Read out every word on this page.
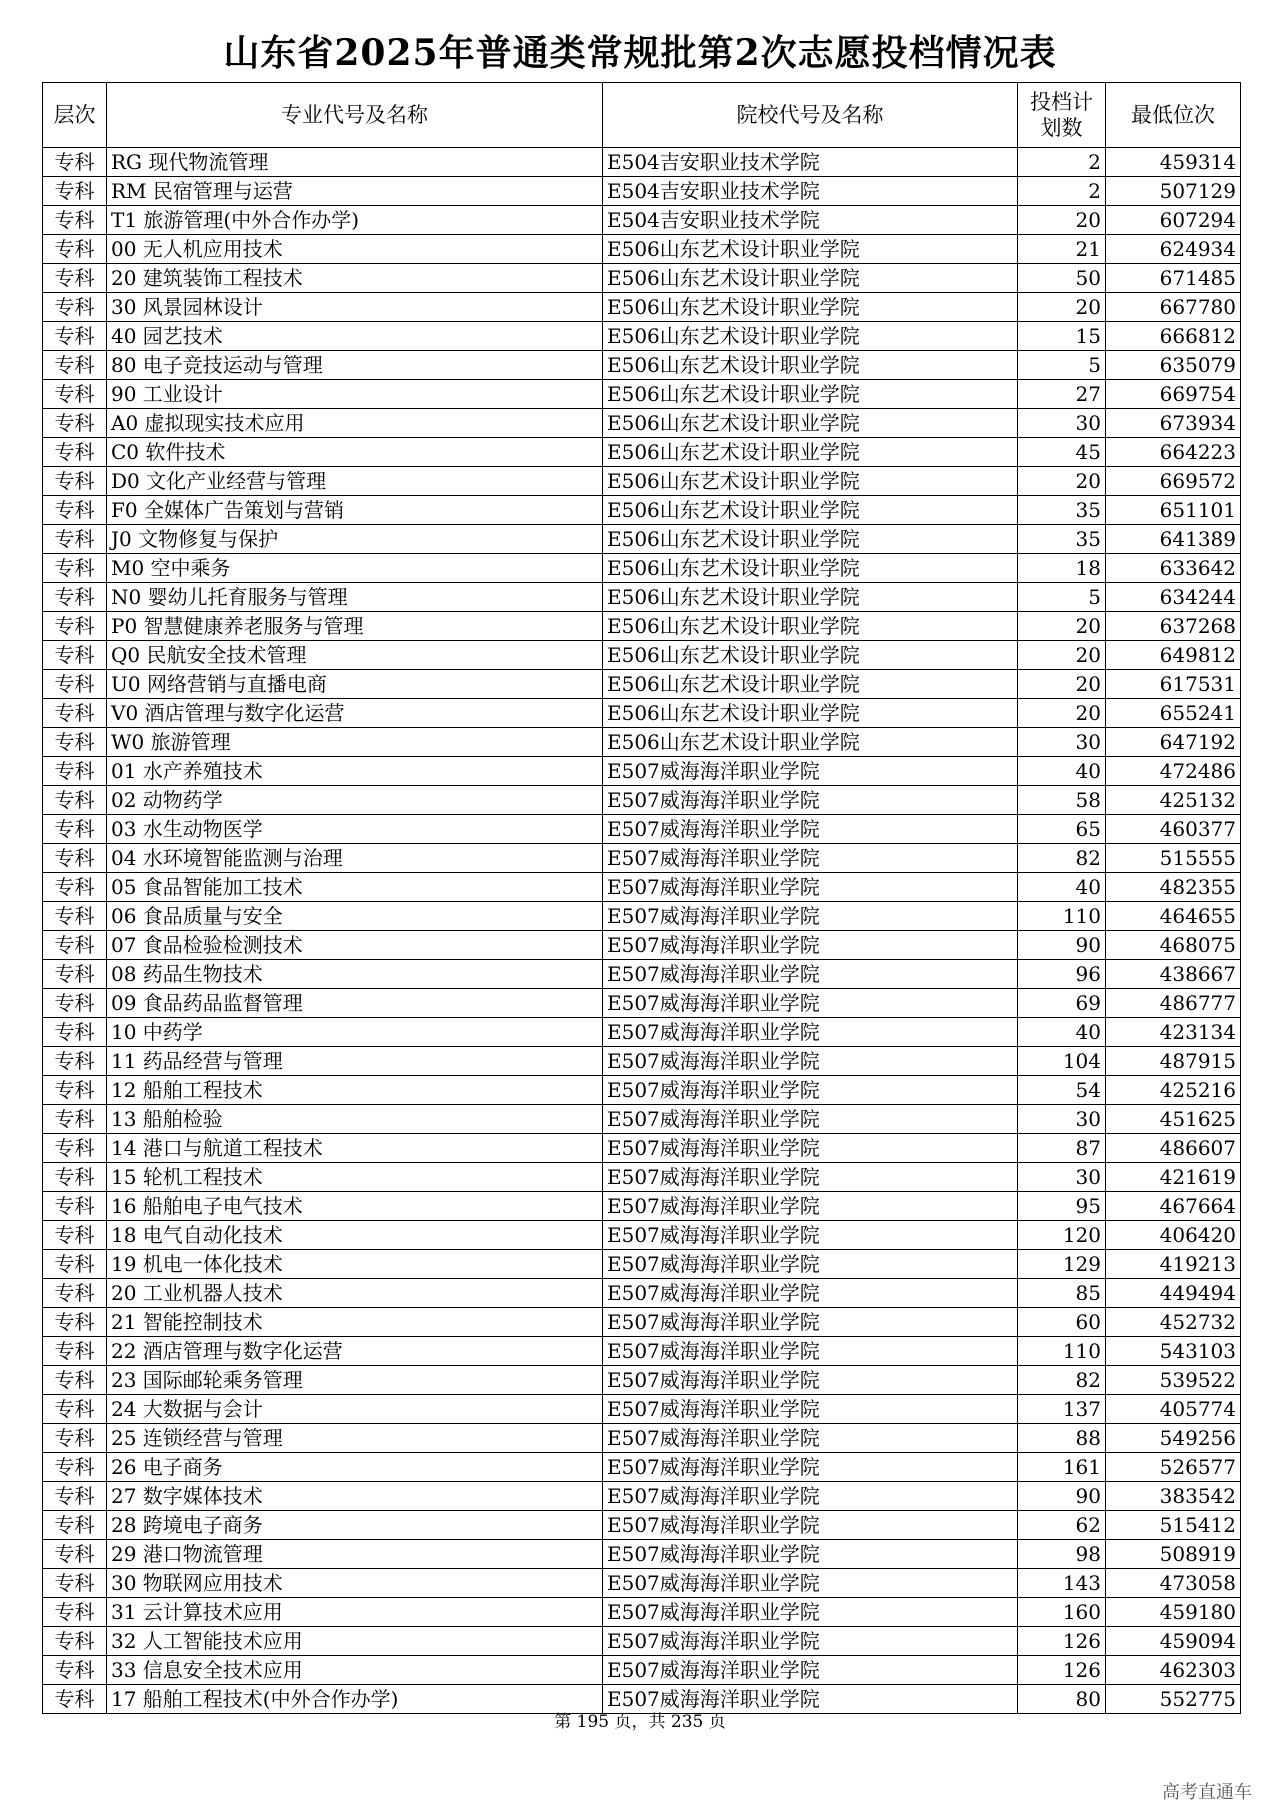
山东省2025年普通类常规批第2次志愿投档情况表
层次	专业代号及名称	院校代号及名称	投档计
划数	最低位次
专科	RG 现代物流管理	E504吉安职业技术学院	2	459314
专科	RM 民宿管理与运营	E504吉安职业技术学院	2	507129
专科	T1 旅游管理(中外合作办学)	E504吉安职业技术学院	20	607294
专科	00 无人机应用技术	E506山东艺术设计职业学院	21	624934
专科	20 建筑装饰工程技术	E506山东艺术设计职业学院	50	671485
专科	30 风景园林设计	E506山东艺术设计职业学院	20	667780
专科	40 园艺技术	E506山东艺术设计职业学院	15	666812
专科	80 电子竞技运动与管理	E506山东艺术设计职业学院	5	635079
专科	90 工业设计	E506山东艺术设计职业学院	27	669754
专科	A0 虚拟现实技术应用	E506山东艺术设计职业学院	30	673934
专科	C0 软件技术	E506山东艺术设计职业学院	45	664223
专科	D0 文化产业经营与管理	E506山东艺术设计职业学院	20	669572
专科	F0 全媒体广告策划与营销	E506山东艺术设计职业学院	35	651101
专科	J0 文物修复与保护	E506山东艺术设计职业学院	35	641389
专科	M0 空中乘务	E506山东艺术设计职业学院	18	633642
专科	N0 婴幼儿托育服务与管理	E506山东艺术设计职业学院	5	634244
专科	P0 智慧健康养老服务与管理	E506山东艺术设计职业学院	20	637268
专科	Q0 民航安全技术管理	E506山东艺术设计职业学院	20	649812
专科	U0 网络营销与直播电商	E506山东艺术设计职业学院	20	617531
专科	V0 酒店管理与数字化运营	E506山东艺术设计职业学院	20	655241
专科	W0 旅游管理	E506山东艺术设计职业学院	30	647192
专科	01 水产养殖技术	E507威海海洋职业学院	40	472486
专科	02 动物药学	E507威海海洋职业学院	58	425132
专科	03 水生动物医学	E507威海海洋职业学院	65	460377
专科	04 水环境智能监测与治理	E507威海海洋职业学院	82	515555
专科	05 食品智能加工技术	E507威海海洋职业学院	40	482355
专科	06 食品质量与安全	E507威海海洋职业学院	110	464655
专科	07 食品检验检测技术	E507威海海洋职业学院	90	468075
专科	08 药品生物技术	E507威海海洋职业学院	96	438667
专科	09 食品药品监督管理	E507威海海洋职业学院	69	486777
专科	10 中药学	E507威海海洋职业学院	40	423134
专科	11 药品经营与管理	E507威海海洋职业学院	104	487915
专科	12 船舶工程技术	E507威海海洋职业学院	54	425216
专科	13 船舶检验	E507威海海洋职业学院	30	451625
专科	14 港口与航道工程技术	E507威海海洋职业学院	87	486607
专科	15 轮机工程技术	E507威海海洋职业学院	30	421619
专科	16 船舶电子电气技术	E507威海海洋职业学院	95	467664
专科	18 电气自动化技术	E507威海海洋职业学院	120	406420
专科	19 机电一体化技术	E507威海海洋职业学院	129	419213
专科	20 工业机器人技术	E507威海海洋职业学院	85	449494
专科	21 智能控制技术	E507威海海洋职业学院	60	452732
专科	22 酒店管理与数字化运营	E507威海海洋职业学院	110	543103
专科	23 国际邮轮乘务管理	E507威海海洋职业学院	82	539522
专科	24 大数据与会计	E507威海海洋职业学院	137	405774
专科	25 连锁经营与管理	E507威海海洋职业学院	88	549256
专科	26 电子商务	E507威海海洋职业学院	161	526577
专科	27 数字媒体技术	E507威海海洋职业学院	90	383542
专科	28 跨境电子商务	E507威海海洋职业学院	62	515412
专科	29 港口物流管理	E507威海海洋职业学院	98	508919
专科	30 物联网应用技术	E507威海海洋职业学院	143	473058
专科	31 云计算技术应用	E507威海海洋职业学院	160	459180
专科	32 人工智能技术应用	E507威海海洋职业学院	126	459094
专科	33 信息安全技术应用	E507威海海洋职业学院	126	462303
专科	17 船舶工程技术(中外合作办学)	E507威海海洋职业学院	80	552775
第 195 页，共 235 页
高考直通车
